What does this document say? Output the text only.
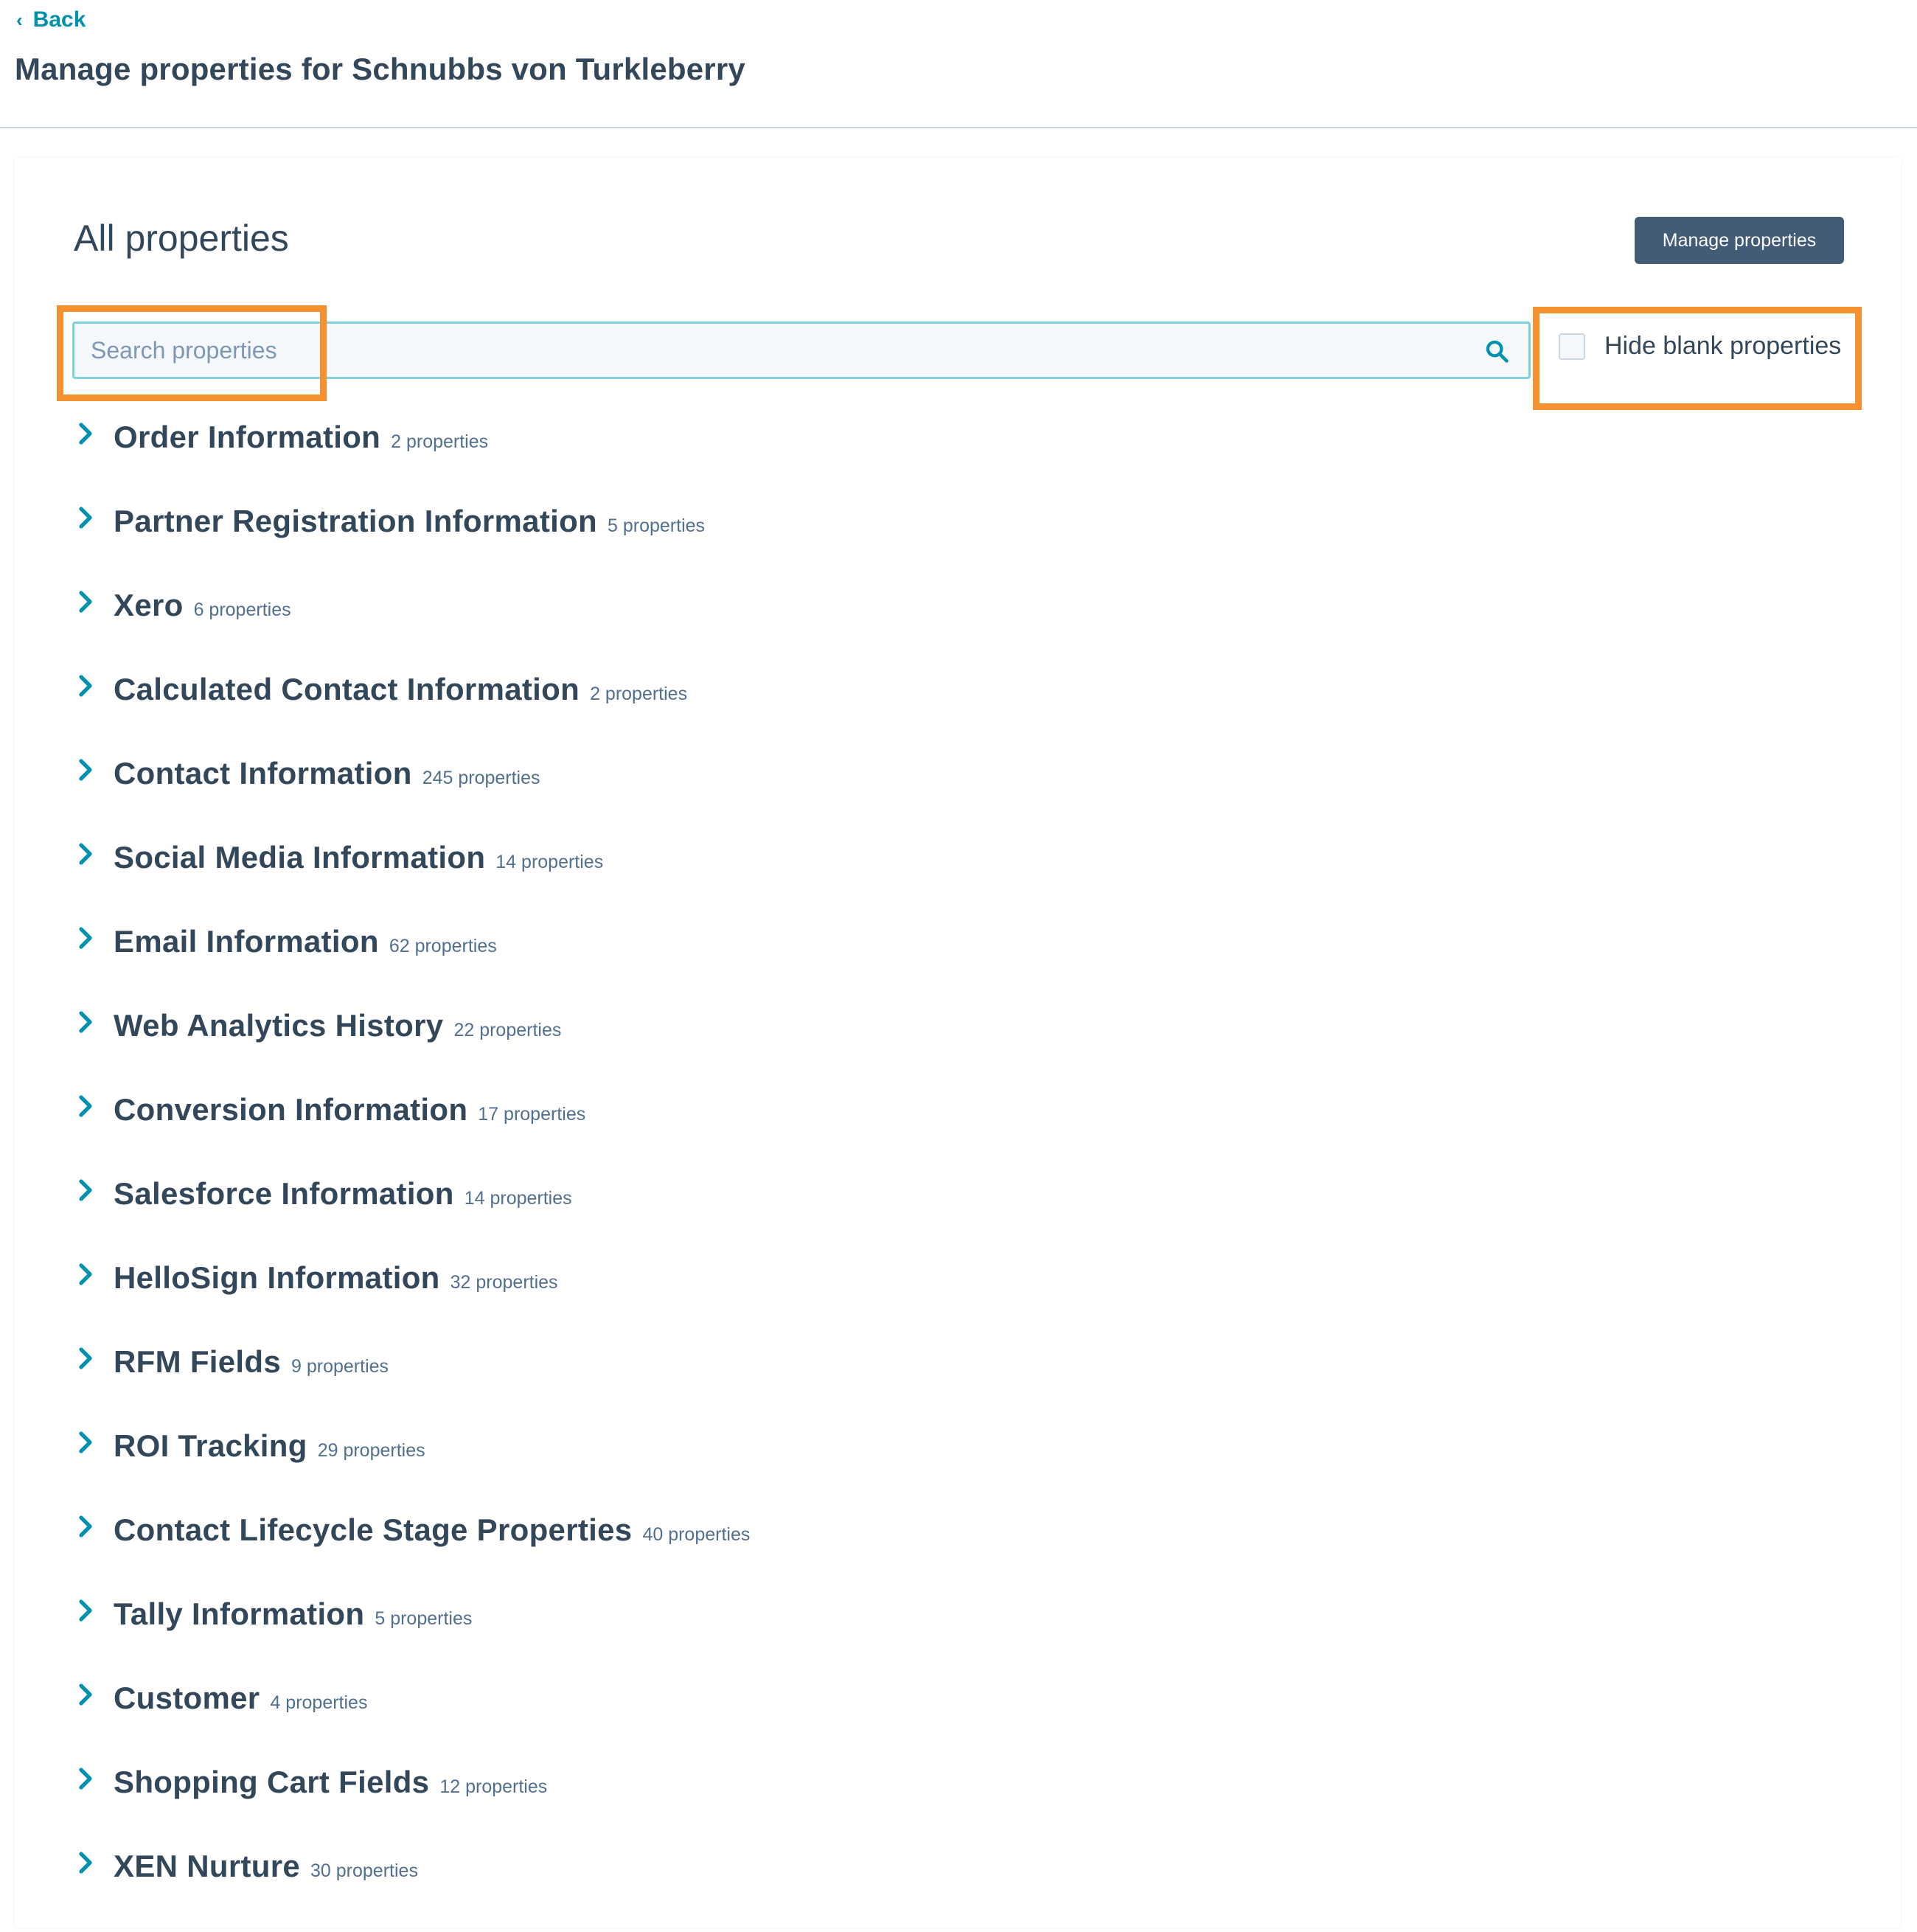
‹ Back
Manage properties for Schnubbs von Turkleberry
All properties	Manage properties
Search properties
Hide blank properties
Order Information 2 properties
Partner Registration Information 5 properties
Xero 6 properties
Calculated Contact Information 2 properties
Contact Information 245 properties
Social Media Information 14 properties
Email Information 62 properties
Web Analytics History 22 properties
Conversion Information 17 properties
Salesforce Information 14 properties
HelloSign Information 32 properties
RFM Fields 9 properties
ROI Tracking 29 properties
Contact Lifecycle Stage Properties 40 properties
Tally Information 5 properties
Customer 4 properties
Shopping Cart Fields 12 properties
XEN Nurture 30 properties
